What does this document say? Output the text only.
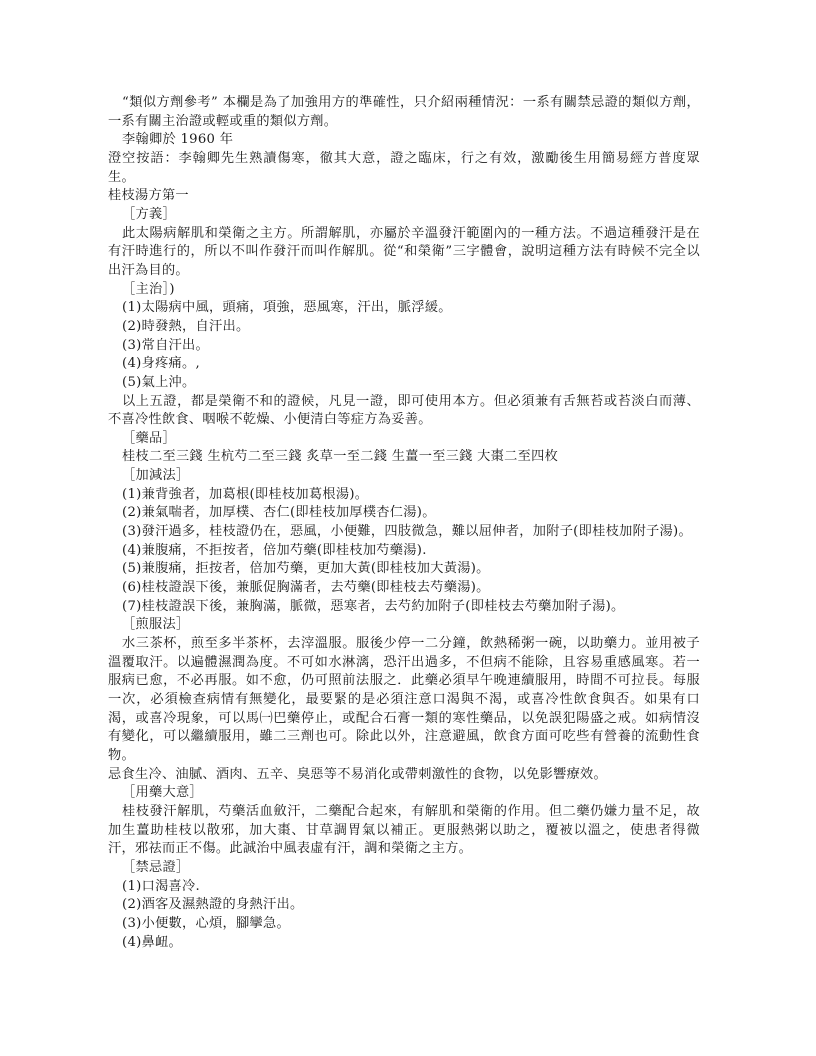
“類似方劑參考” 本欄是為了加強用方的準確性，只介紹兩種情況：一系有關禁忌證的類似方劑， 一系有關主治證或輕或重的類似方劑。

李翰卿於 1960 年

澄空按語：李翰卿先生熟讀傷寒，徹其大意，證之臨床，行之有效，激勵後生用簡易經方普度眾生。

桂枝湯方第一

［方義］

此太陽病解肌和榮衛之主方。所謂解肌，亦屬於辛溫發汗範圍內的一種方法。不過這種發汗是在有汗時進行的，所以不叫作發汗而叫作解肌。從“和榮衛”三字體會，說明這種方法有時候不完全以出汗為目的。

［主治］)

(1)太陽病中風，頭痛，項強，惡風寒，汗出，脈浮緩。

(2)時發熱，自汗出。

(3)常自汗出。

(4)身疼痛。,

(5)氣上沖。

以上五證，都是榮衛不和的證候，凡見一證，即可使用本方。但必須兼有舌無苔或苔淡白而薄、不喜冷性飲食、咽喉不乾燥、小便清白等症方為妥善。

［藥品］

桂枝二至三錢 生杭芍二至三錢 炙草一至二錢 生薑一至三錢 大棗二至四枚

［加減法］

(1)兼背強者，加葛根(即桂枝加葛根湯)。

(2)兼氣喘者，加厚樸、杏仁(即桂枝加厚樸杏仁湯)。

(3)發汗過多，桂枝證仍在，惡風，小便難，四肢微急，難以屈伸者，加附子(即桂枝加附子湯)。

(4)兼腹痛，不拒按者，倍加芍藥(即桂枝加芍藥湯).

(5)兼腹痛，拒按者，倍加芍藥，更加大黃(即桂枝加大黃湯)。

(6)桂枝證誤下後，兼脈促胸滿者，去芍藥(即桂枝去芍藥湯)。

(7)桂枝證誤下後，兼胸滿，脈微，惡寒者，去芍約加附子(即桂枝去芍藥加附子湯)。

［煎服法］

水三茶杯，煎至多半茶杯，去滓溫服。服後少停一二分鐘，飲熱稀粥一碗，以助藥力。並用被子溫覆取汗。以遍體濕潤為度。不可如水淋漓，恐汗出過多，不但病不能除，且容易重感風寒。若一服病已愈，不必再服。如不愈，仍可照前法服之．此藥必須早午晚連續服用，時間不可拉長。每服一次，必須檢查病情有無變化，最要緊的是必須注意口渴與不渴，或喜冷性飲食與否。如果有口渴，或喜冷現象，可以馬㈠巴藥停止，或配合石膏一類的寒性藥品，以免誤犯陽盛之戒。如病情沒有變化，可以繼續服用，雖二三劑也可。除此以外，注意避風，飲食方面可吃些有營養的流動性食物。

忌食生冷、油膩、酒肉、五辛、臭惡等不易消化或帶刺激性的食物，以免影響療效。

［用藥大意］

桂枝發汗解肌，芍藥活血斂汗，二藥配合起來，有解肌和榮衛的作用。但二藥仍嫌力量不足，故加生薑助桂枝以散邪，加大棗、甘草調胃氣以補正。更服熱粥以助之，覆被以溫之，使患者得微汗，邪祛而正不傷。此誠治中風表虛有汗，調和榮衛之主方。

［禁忌證］

(1)口渴喜冷.

(2)酒客及濕熱證的身熱汗出。

(3)小便數，心煩，腳攣急。

(4)鼻衄。
